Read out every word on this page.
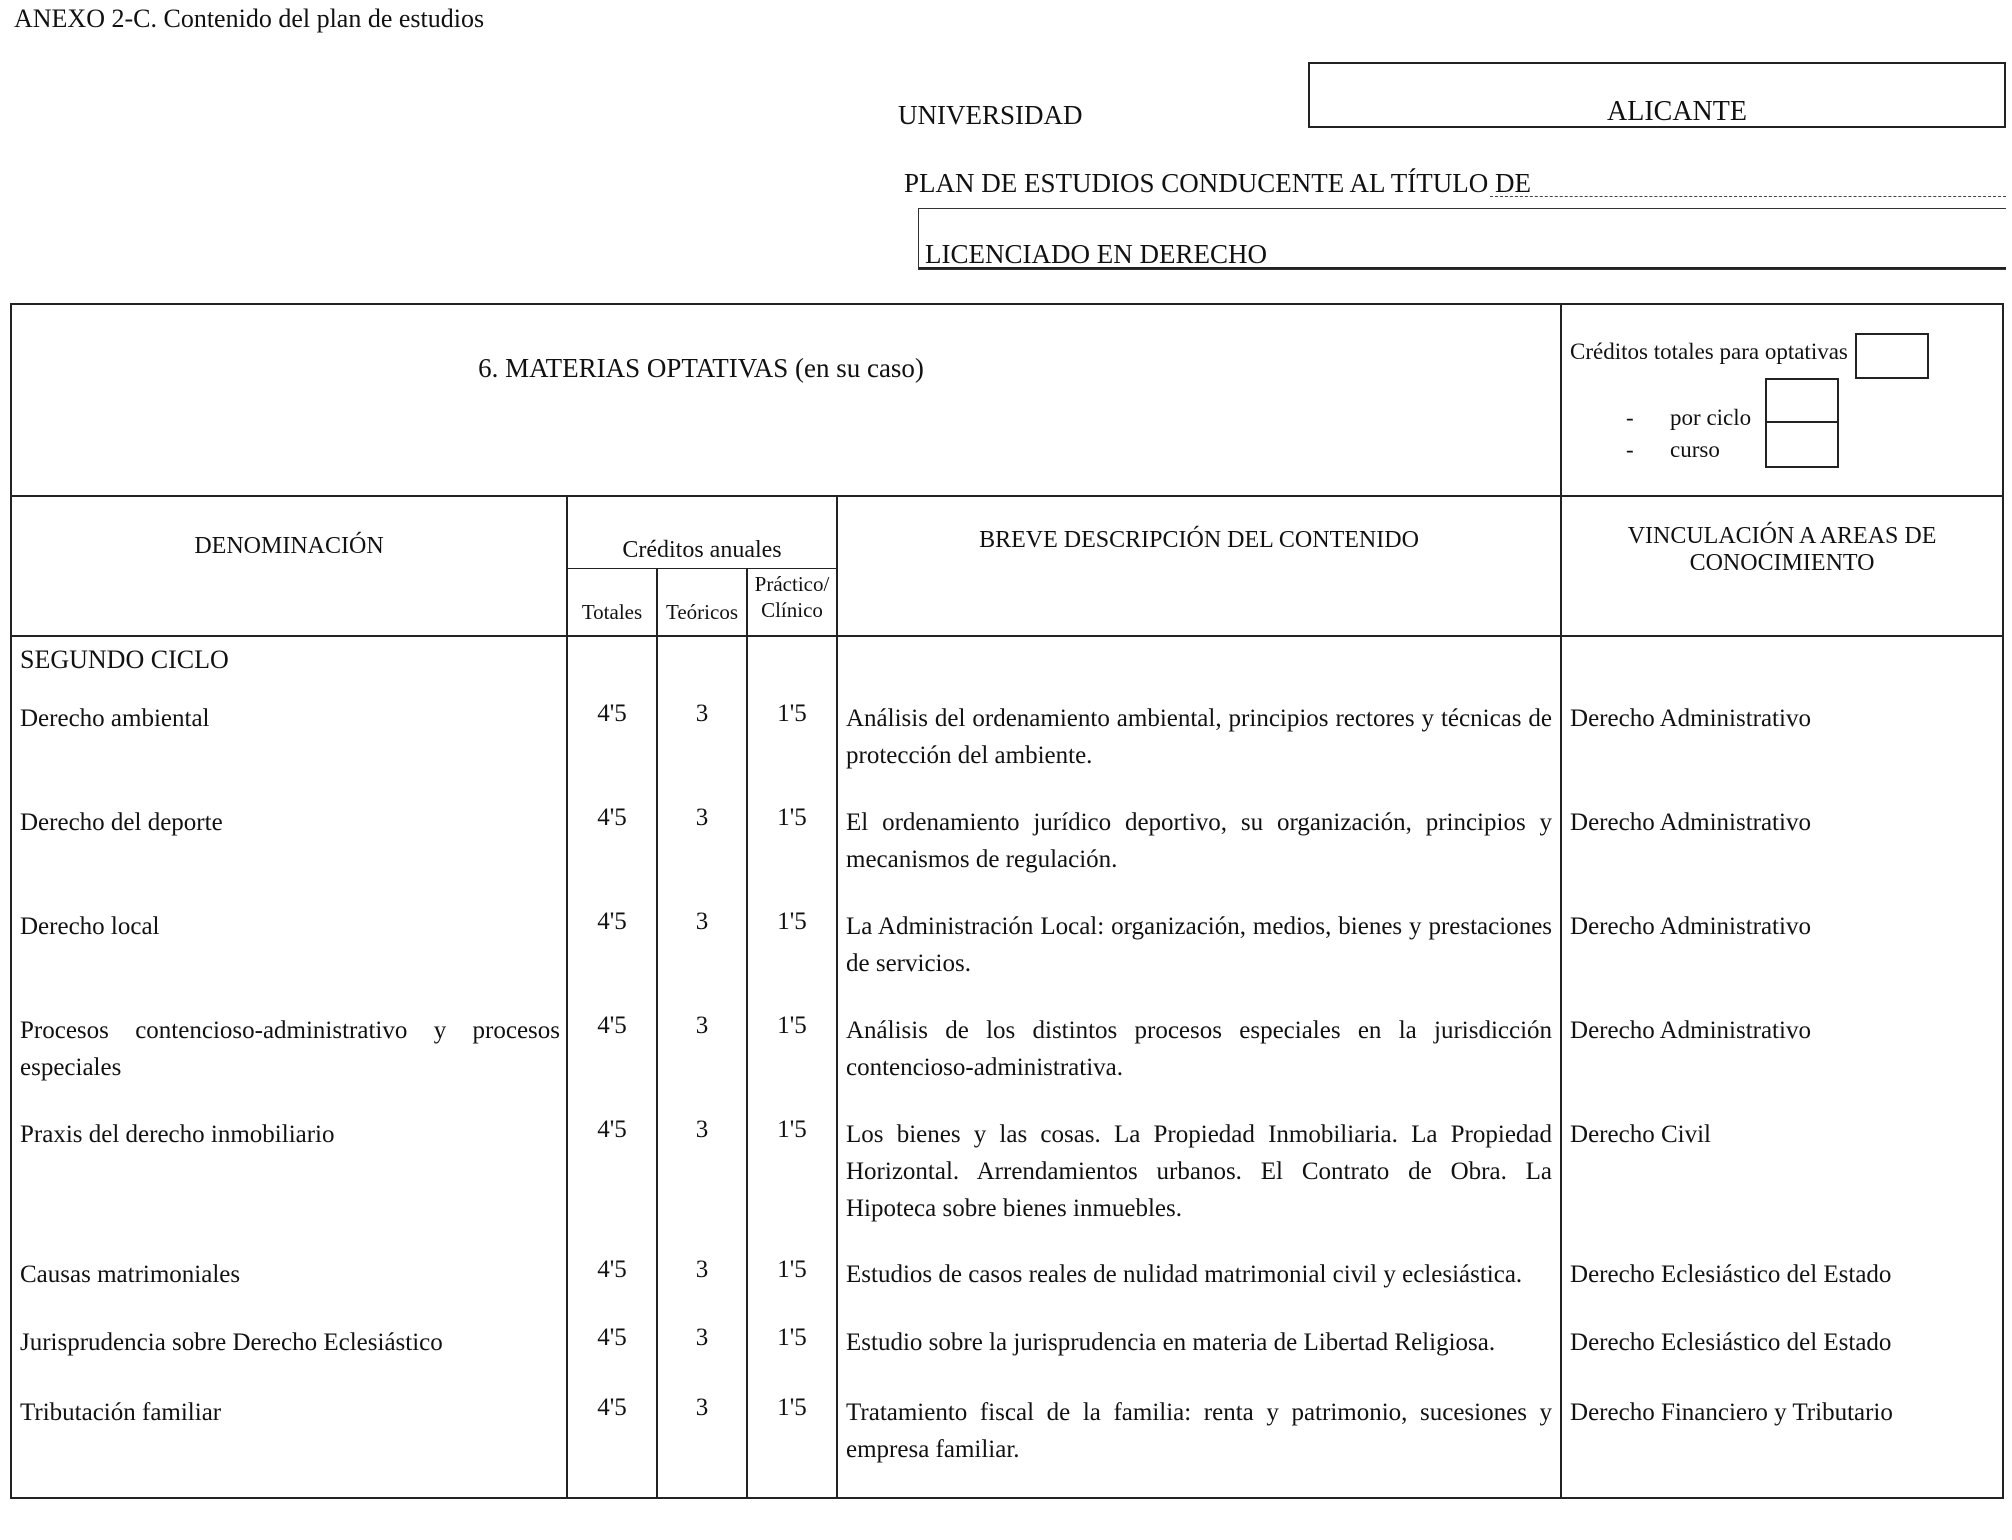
ANEXO 2-C. Contenido del plan de estudios
UNIVERSIDAD	ALICANTE
PLAN DE ESTUDIOS CONDUCENTE AL TÍTULO DE
LICENCIADO EN DERECHO
6. MATERIAS OPTATIVAS (en su caso)					Créditos totales para optativas
- por ciclo
- curso

DENOMINACIÓN	Créditos anuales			BREVE DESCRIPCIÓN DEL CONTENIDO	VINCULACIÓN A AREAS DE
CONOCIMIENTO

	Totales	Teóricos	Práctico/
Clínico		

SEGUNDO CICLO					
Derecho ambiental	4'5	3	1'5	Análisis del ordenamiento ambiental, principios rectores y técnicas de protección del ambiente.	Derecho Administrativo
Derecho del deporte	4'5	3	1'5	El ordenamiento jurídico deportivo, su organización, principios y mecanismos de regulación.	Derecho Administrativo
Derecho local	4'5	3	1'5	La Administración Local: organización, medios, bienes y prestaciones de servicios.	Derecho Administrativo
Procesos contencioso-administrativo y procesos especiales	4'5	3	1'5	Análisis de los distintos procesos especiales en la jurisdicción contencioso-administrativa.	Derecho Administrativo
Praxis del derecho inmobiliario	4'5	3	1'5	Los bienes y las cosas. La Propiedad Inmobiliaria. La Propiedad Horizontal. Arrendamientos urbanos. El Contrato de Obra. La Hipoteca sobre bienes inmuebles.	Derecho Civil
Causas matrimoniales	4'5	3	1'5	Estudios de casos reales de nulidad matrimonial civil y eclesiástica.	Derecho Eclesiástico del Estado
Jurisprudencia sobre Derecho Eclesiástico	4'5	3	1'5	Estudio sobre la jurisprudencia en materia de Libertad Religiosa.	Derecho Eclesiástico del Estado
Tributación familiar	4'5	3	1'5	Tratamiento fiscal de la familia: renta y patrimonio, sucesiones y empresa familiar.	Derecho Financiero y Tributario
